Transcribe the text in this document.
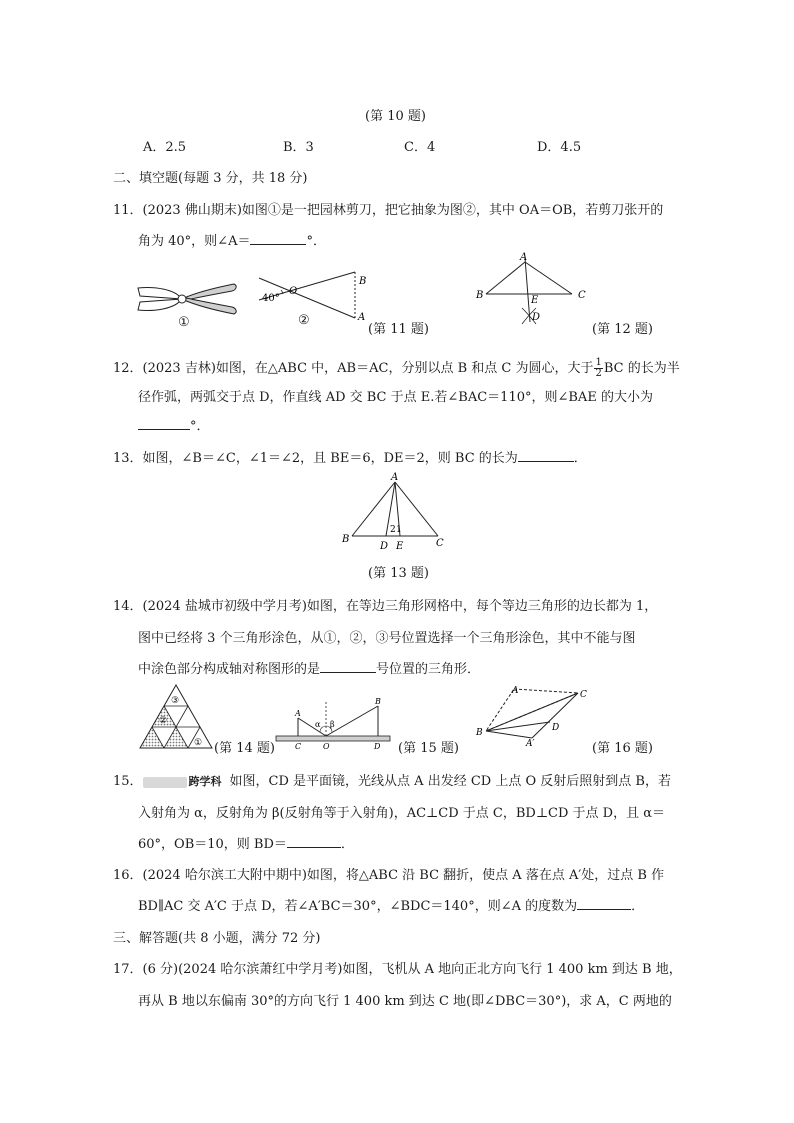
(第 10 题)
A．2.5	B．3	C．4	D．4.5
二、填空题(每题 3 分，共 18 分)
11．(2023 佛山期末)如图①是一把园林剪刀，把它抽象为图②，其中 OA＝OB，若剪刀张开的
角为 40°，则∠A＝	°．
①
O
B
A
40°
②
(第 11 题)
A
B	C
E
D
(第 12 题)
12．(2023 吉林)如图，在△ABC 中，AB＝AC，分别以点 B 和点 C 为圆心，大于 $\frac{1}{2}$ BC 的长为半
径作弧，两弧交于点 D，作直线 AD 交 BC 于点 E.若∠BAC＝110°，则∠BAE 的大小为
°．
13．如图，∠B＝∠C，∠1＝∠2，且 BE＝6，DE＝2，则 BC 的长为	．
A
B	C
D E
2 1
(第 13 题)
14．(2024 盐城市初级中学月考)如图，在等边三角形网格中，每个等边三角形的边长都为 1，
图中已经将 3 个三角形涂色，从①，②，③号位置选择一个三角形涂色，其中不能与图
中涂色部分构成轴对称图形的是	号位置的三角形．
③
②
① (第 14 题)
A
B
C	O	D
α β
(第 15 题)
A	C
B	D
A′	(第 16 题)
15．	跨学科 如图，CD 是平面镜，光线从点 A 出发经 CD 上点 O 反射后照射到点 B，若
入射角为 α，反射角为 β(反射角等于入射角)，AC⊥CD 于点 C，BD⊥CD 于点 D，且 α＝
60°，OB＝10，则 BD＝	．
16．(2024 哈尔滨工大附中期中)如图，将△ABC 沿 BC 翻折，使点 A 落在点 A′处，过点 B 作
BD∥AC 交 A′C 于点 D，若∠A′BC＝30°，∠BDC＝140°，则∠A 的度数为	．
三、解答题(共 8 小题，满分 72 分)
17．(6 分)(2024 哈尔滨萧红中学月考)如图，飞机从 A 地向正北方向飞行 1 400 km 到达 B 地，
再从 B 地以东偏南 30°的方向飞行 1 400 km 到达 C 地(即∠DBC＝30°)，求 A，C 两地的
